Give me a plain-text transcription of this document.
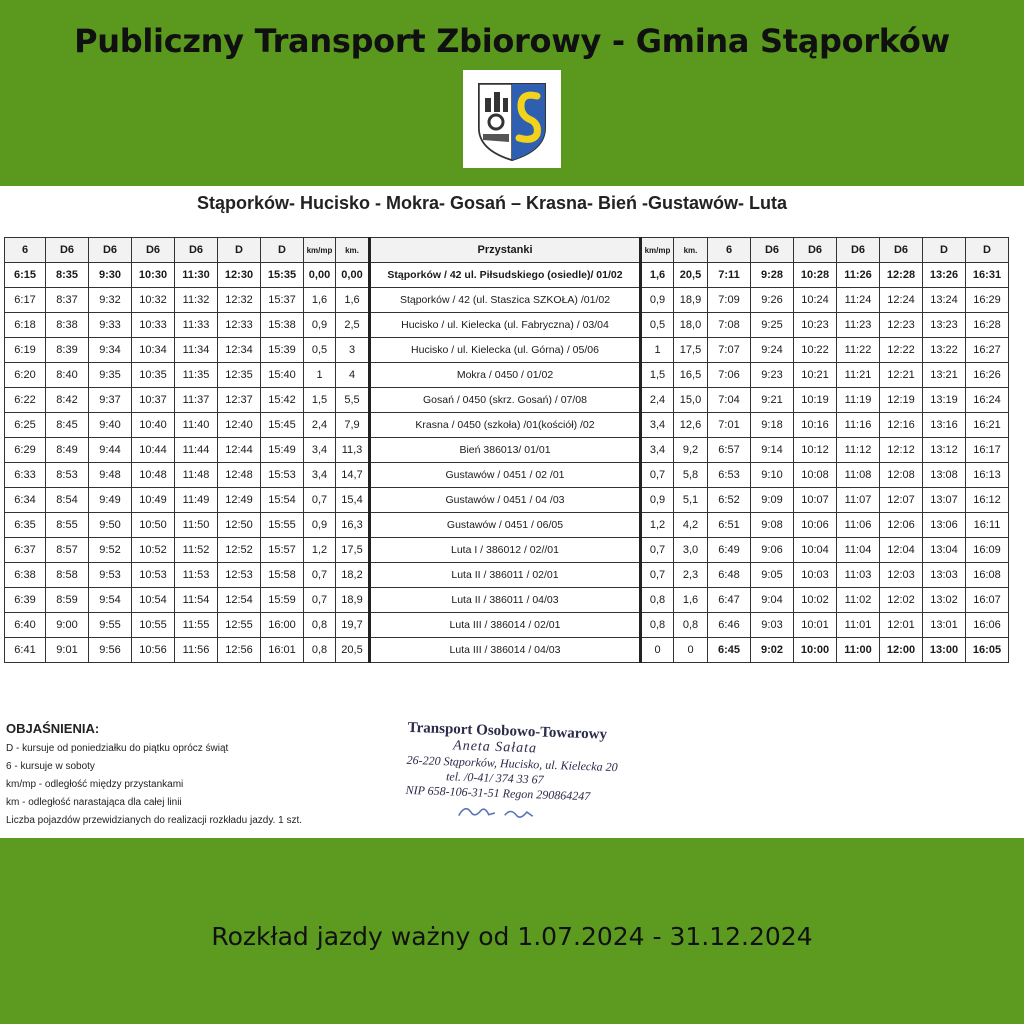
Publiczny Transport Zbiorowy - Gmina Stąporków
Stąporków- Hucisko - Mokra- Gosań – Krasna- Bień -Gustawów- Luta
6	D6	D6	D6	D6	D	D	km/mp	km.	Przystanki	km/mp	km.	6	D6	D6	D6	D6	D	D
6:15	8:35	9:30	10:30	11:30	12:30	15:35	0,00	0,00	Stąporków / 42 ul. Piłsudskiego (osiedle)/ 01/02	1,6	20,5	7:11	9:28	10:28	11:26	12:28	13:26	16:31
6:17	8:37	9:32	10:32	11:32	12:32	15:37	1,6	1,6	Stąporków / 42 (ul. Staszica SZKOŁA) /01/02	0,9	18,9	7:09	9:26	10:24	11:24	12:24	13:24	16:29
6:18	8:38	9:33	10:33	11:33	12:33	15:38	0,9	2,5	Hucisko / ul. Kielecka (ul. Fabryczna) / 03/04	0,5	18,0	7:08	9:25	10:23	11:23	12:23	13:23	16:28
6:19	8:39	9:34	10:34	11:34	12:34	15:39	0,5	3	Hucisko / ul. Kielecka (ul. Górna) / 05/06	1	17,5	7:07	9:24	10:22	11:22	12:22	13:22	16:27
6:20	8:40	9:35	10:35	11:35	12:35	15:40	1	4	Mokra / 0450 / 01/02	1,5	16,5	7:06	9:23	10:21	11:21	12:21	13:21	16:26
6:22	8:42	9:37	10:37	11:37	12:37	15:42	1,5	5,5	Gosań / 0450 (skrz. Gosań) / 07/08	2,4	15,0	7:04	9:21	10:19	11:19	12:19	13:19	16:24
6:25	8:45	9:40	10:40	11:40	12:40	15:45	2,4	7,9	Krasna / 0450 (szkoła) /01(kościół) /02	3,4	12,6	7:01	9:18	10:16	11:16	12:16	13:16	16:21
6:29	8:49	9:44	10:44	11:44	12:44	15:49	3,4	11,3	Bień 386013/ 01/01	3,4	9,2	6:57	9:14	10:12	11:12	12:12	13:12	16:17
6:33	8:53	9:48	10:48	11:48	12:48	15:53	3,4	14,7	Gustawów / 0451 / 02 /01	0,7	5,8	6:53	9:10	10:08	11:08	12:08	13:08	16:13
6:34	8:54	9:49	10:49	11:49	12:49	15:54	0,7	15,4	Gustawów / 0451 / 04 /03	0,9	5,1	6:52	9:09	10:07	11:07	12:07	13:07	16:12
6:35	8:55	9:50	10:50	11:50	12:50	15:55	0,9	16,3	Gustawów / 0451 / 06/05	1,2	4,2	6:51	9:08	10:06	11:06	12:06	13:06	16:11
6:37	8:57	9:52	10:52	11:52	12:52	15:57	1,2	17,5	Luta I / 386012 / 02//01	0,7	3,0	6:49	9:06	10:04	11:04	12:04	13:04	16:09
6:38	8:58	9:53	10:53	11:53	12:53	15:58	0,7	18,2	Luta II / 386011 / 02/01	0,7	2,3	6:48	9:05	10:03	11:03	12:03	13:03	16:08
6:39	8:59	9:54	10:54	11:54	12:54	15:59	0,7	18,9	Luta II / 386011 / 04/03	0,8	1,6	6:47	9:04	10:02	11:02	12:02	13:02	16:07
6:40	9:00	9:55	10:55	11:55	12:55	16:00	0,8	19,7	Luta III / 386014 / 02/01	0,8	0,8	6:46	9:03	10:01	11:01	12:01	13:01	16:06
6:41	9:01	9:56	10:56	11:56	12:56	16:01	0,8	20,5	Luta III / 386014 / 04/03	0	0	6:45	9:02	10:00	11:00	12:00	13:00	16:05
OBJAŚNIENIA:
D - kursuje od poniedziałku do piątku oprócz świąt
6 - kursuje w soboty
km/mp - odległość między przystankami
km - odległość narastająca dla całej linii
Liczba pojazdów przewidzianych do realizacji rozkładu jazdy. 1 szt.
Transport Osobowo-Towarowy
Aneta Sałata
26-220 Stąporków, Hucisko, ul. Kielecka 20
tel. /0-41/ 374 33 67
NIP 658-106-31-51 Regon 290864247
Rozkład jazdy ważny od 1.07.2024 - 31.12.2024
